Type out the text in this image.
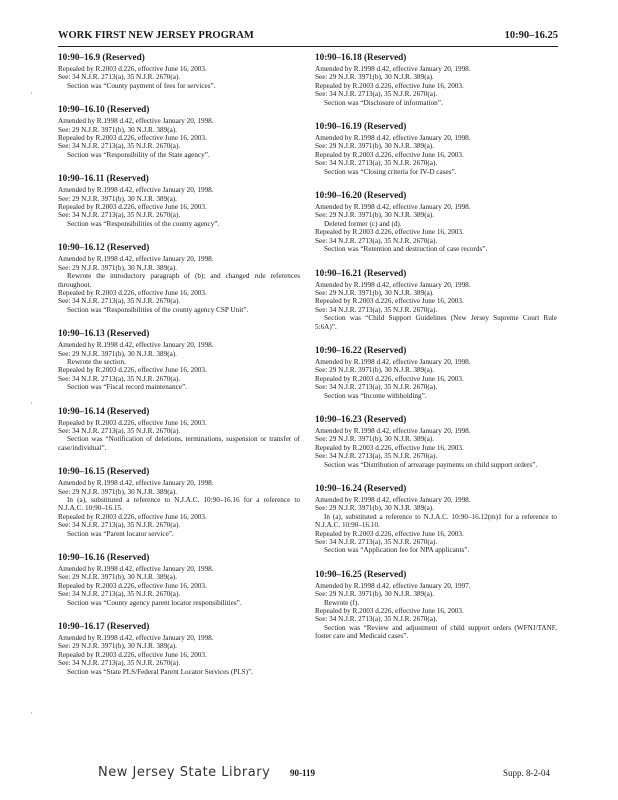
WORK FIRST NEW JERSEY PROGRAM	10:90–16.25
10:90–16.9 (Reserved)
Repealed by R.2003 d.226, effective June 16, 2003.
See: 34 N.J.R. 2713(a), 35 N.J.R. 2670(a).
Section was “County payment of fees for services”.
10:90–16.10 (Reserved)
Amended by R.1998 d.42, effective January 20, 1998.
See: 29 N.J.R. 3971(b), 30 N.J.R. 389(a).
Repealed by R.2003 d.226, effective June 16, 2003.
See: 34 N.J.R. 2713(a), 35 N.J.R. 2670(a).
Section was “Responsibility of the State agency”.
10:90–16.11 (Reserved)
Amended by R.1998 d.42, effective January 20, 1998.
See: 29 N.J.R. 3971(b), 30 N.J.R. 389(a).
Repealed by R.2003 d.226, effective June 16, 2003.
See: 34 N.J.R. 2713(a), 35 N.J.R. 2670(a).
Section was “Responsibilities of the county agency”.
10:90–16.12 (Reserved)
Amended by R.1998 d.42, effective January 20, 1998.
See: 29 N.J.R. 3971(b), 30 N.J.R. 389(a).
Rewrote the introductory paragraph of (b); and changed rule references throughout.
Repealed by R.2003 d.226, effective June 16, 2003.
See: 34 N.J.R. 2713(a), 35 N.J.R. 2670(a).
Section was “Responsibilities of the county agency CSP Unit”.
10:90–16.13 (Reserved)
Amended by R.1998 d.42, effective January 20, 1998.
See: 29 N.J.R. 3971(b), 30 N.J.R. 389(a).
Rewrote the section.
Repealed by R.2003 d.226, effective June 16, 2003.
See: 34 N.J.R. 2713(a), 35 N.J.R. 2670(a).
Section was “Fiscal record maintenance”.
10:90–16.14 (Reserved)
Repealed by R.2003 d.226, effective June 16, 2003.
See: 34 N.J.R. 2713(a), 35 N.J.R. 2670(a).
Section was “Notification of deletions, terminations, suspension or transfer of case/individual”.
10:90–16.15 (Reserved)
Amended by R.1998 d.42, effective January 20, 1998.
See: 29 N.J.R. 3971(b), 30 N.J.R. 389(a).
In (a), substituted a reference to N.J.A.C. 10:90–16.16 for a reference to N.J.A.C. 10:90–16.15.
Repealed by R.2003 d.226, effective June 16, 2003.
See: 34 N.J.R. 2713(a), 35 N.J.R. 2670(a).
Section was “Parent locator service”.
10:90–16.16 (Reserved)
Amended by R.1998 d.42, effective January 20, 1998.
See: 29 N.J.R. 3971(b), 30 N.J.R. 389(a).
Repealed by R.2003 d.226, effective June 16, 2003.
See: 34 N.J.R. 2713(a), 35 N.J.R. 2670(a).
Section was “County agency parent locator responsibilities”.
10:90–16.17 (Reserved)
Amended by R.1998 d.42, effective January 20, 1998.
See: 29 N.J.R. 3971(b), 30 N.J.R. 389(a).
Repealed by R.2003 d.226, effective June 16, 2003.
See: 34 N.J.R. 2713(a), 35 N.J.R. 2670(a).
Section was “State PLS/Federal Parent Locator Services (PLS)”.
10:90–16.18 (Reserved)
Amended by R.1998 d.42, effective January 20, 1998.
See: 29 N.J.R. 3971(b), 30 N.J.R. 389(a).
Repealed by R.2003 d.226, effective June 16, 2003.
See: 34 N.J.R. 2713(a), 35 N.J.R. 2670(a).
Section was “Disclosure of information”.
10:90–16.19 (Reserved)
Amended by R.1998 d.42, effective January 20, 1998.
See: 29 N.J.R. 3971(b), 30 N.J.R. 389(a).
Repealed by R.2003 d.226, effective June 16, 2003.
See: 34 N.J.R. 2713(a), 35 N.J.R. 2670(a).
Section was “Closing criteria for IV-D cases”.
10:90–16.20 (Reserved)
Amended by R.1998 d.42, effective January 20, 1998.
See: 29 N.J.R. 3971(b), 30 N.J.R. 389(a).
Deleted former (c) and (d).
Repealed by R.2003 d.226, effective June 16, 2003.
See: 34 N.J.R. 2713(a), 35 N.J.R. 2670(a).
Section was “Retention and destruction of case records”.
10:90–16.21 (Reserved)
Amended by R.1998 d.42, effective January 20, 1998.
See: 29 N.J.R. 3971(b), 30 N.J.R. 389(a).
Repealed by R.2003 d.226, effective June 16, 2003.
See: 34 N.J.R. 2713(a), 35 N.J.R. 2670(a).
Section was “Child Support Guidelines (New Jersey Supreme Court Rule 5:6A)”.
10:90–16.22 (Reserved)
Amended by R.1998 d.42, effective January 20, 1998.
See: 29 N.J.R. 3971(b), 30 N.J.R. 389(a).
Repealed by R.2003 d.226, effective June 16, 2003.
See: 34 N.J.R. 2713(a), 35 N.J.R. 2670(a).
Section was “Income withholding”.
10:90–16.23 (Reserved)
Amended by R.1998 d.42, effective January 20, 1998.
See: 29 N.J.R. 3971(b), 30 N.J.R. 389(a).
Repealed by R.2003 d.226, effective June 16, 2003.
See: 34 N.J.R. 2713(a), 35 N.J.R. 2670(a).
Section was “Distribution of arrearage payments on child support orders”.
10:90–16.24 (Reserved)
Amended by R.1998 d.42, effective January 20, 1998.
See: 29 N.J.R. 3971(b), 30 N.J.R. 389(a).
In (a), substituted a reference to N.J.A.C. 10:90–16.12(m)1 for a reference to N.J.A.C. 10:90–16.10.
Repealed by R.2003 d.226, effective June 16, 2003.
See: 34 N.J.R. 2713(a), 35 N.J.R. 2670(a).
Section was “Application fee for NPA applicants”.
10:90–16.25 (Reserved)
Amended by R.1998 d.42, effective January 20, 1997.
See: 29 N.J.R. 3971(b), 30 N.J.R. 389(a).
Rewrote (f).
Repealed by R.2003 d.226, effective June 16, 2003.
See: 34 N.J.R. 2713(a), 35 N.J.R. 2670(a).
Section was “Review and adjustment of child support orders (WFNJ/TANF, foster care and Medicaid cases”.
·
·
·
New Jersey State Library 90-119	Supp. 8-2-04
